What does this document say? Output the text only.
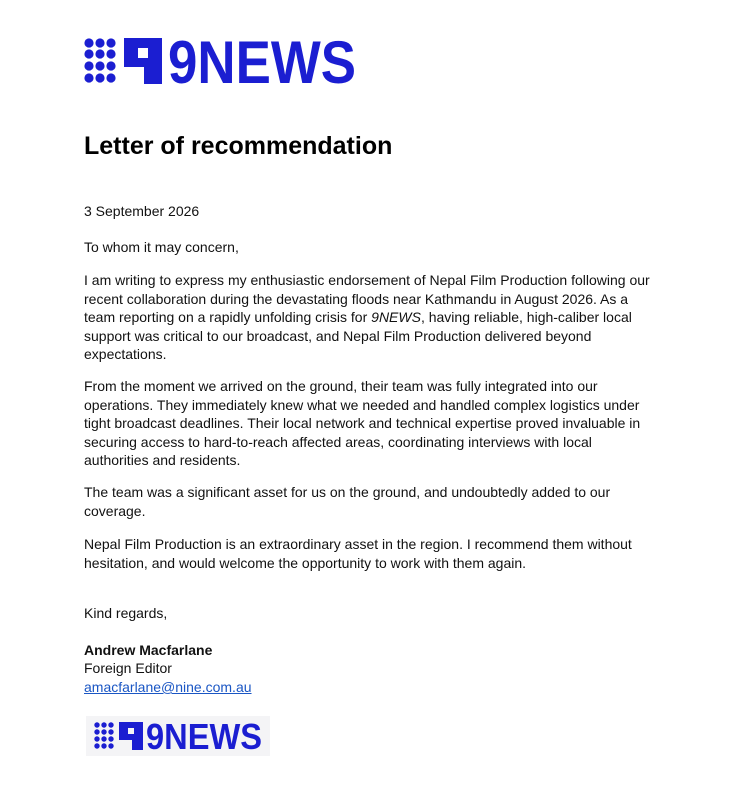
9NEWS
Letter of recommendation

3 September 2026

To whom it may concern,

I am writing to express my enthusiastic endorsement of Nepal Film Production following our recent collaboration during the devastating floods near Kathmandu in August 2026. As a team reporting on a rapidly unfolding crisis for 9NEWS, having reliable, high-caliber local support was critical to our broadcast, and Nepal Film Production delivered beyond expectations.

From the moment we arrived on the ground, their team was fully integrated into our operations. They immediately knew what we needed and handled complex logistics under tight broadcast deadlines. Their local network and technical expertise proved invaluable in securing access to hard-to-reach affected areas, coordinating interviews with local authorities and residents.

The team was a significant asset for us on the ground, and undoubtedly added to our coverage.

Nepal Film Production is an extraordinary asset in the region. I recommend them without hesitation, and would welcome the opportunity to work with them again.

Kind regards,

Andrew Macfarlane

Foreign Editor

amacfarlane@nine.com.au

9NEWS
